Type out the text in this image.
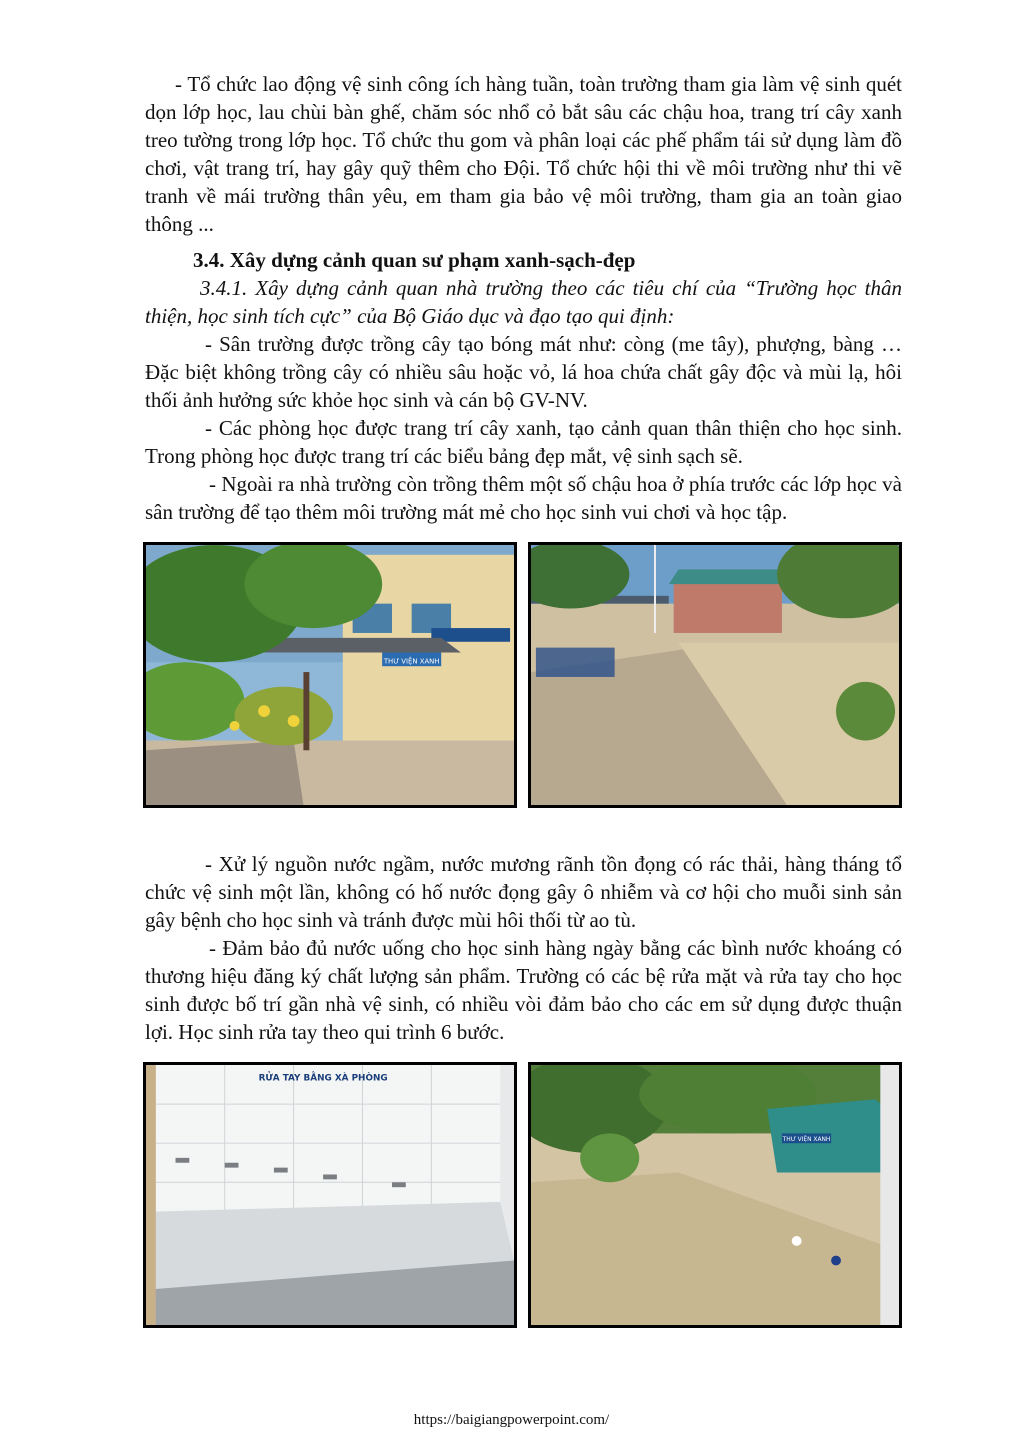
- Tổ chức lao động vệ sinh công ích hàng tuần, toàn trường tham gia làm vệ sinh quét dọn lớp học, lau chùi bàn ghế, chăm sóc nhổ cỏ bắt sâu các chậu hoa, trang trí cây xanh treo tường trong lớp học. Tổ chức thu gom và phân loại các phế phẩm tái sử dụng làm đồ chơi, vật trang trí, hay gây quỹ thêm cho Đội. Tổ chức hội thi về môi trường như thi vẽ tranh về mái trường thân yêu, em tham gia bảo vệ môi trường, tham gia an toàn giao thông ...

3.4. Xây dựng cảnh quan sư phạm xanh-sạch-đẹp

3.4.1. Xây dựng cảnh quan nhà trường theo các tiêu chí của “Trường học thân thiện, học sinh tích cực” của Bộ Giáo dục và đạo tạo qui định:

- Sân trường được trồng cây tạo bóng mát như: còng (me tây), phượng, bàng … Đặc biệt không trồng cây có nhiều sâu hoặc vỏ, lá hoa chứa chất gây độc và mùi lạ, hôi thối ảnh hưởng sức khỏe học sinh và cán bộ GV-NV.

- Các phòng học được trang trí cây xanh, tạo cảnh quan thân thiện cho học sinh. Trong phòng học được trang trí các biểu bảng đẹp mắt, vệ sinh sạch sẽ.

- Ngoài ra nhà trường còn trồng thêm một số chậu hoa ở phía trước các lớp học và sân trường để tạo thêm môi trường mát mẻ cho học sinh vui chơi và học tập.

THƯ VIỆN XANH

- Xử lý nguồn nước ngầm, nước mương rãnh tồn đọng có rác thải, hàng tháng tổ chức vệ sinh một lần, không có hố nước đọng gây ô nhiễm và cơ hội cho muỗi sinh sản gây bệnh cho học sinh và tránh được mùi hôi thối từ ao tù.

- Đảm bảo đủ nước uống cho học sinh hàng ngày bằng các bình nước khoáng có thương hiệu đăng ký chất lượng sản phẩm. Trường có các bệ rửa mặt và rửa tay cho học sinh được bố trí gần nhà vệ sinh, có nhiều vòi đảm bảo cho các em sử dụng được thuận lợi. Học sinh rửa tay theo qui trình 6 bước.

RỬA TAY BẰNG XÀ PHÒNG
THƯ VIỆN XANH
https://baigiangpowerpoint.com/
